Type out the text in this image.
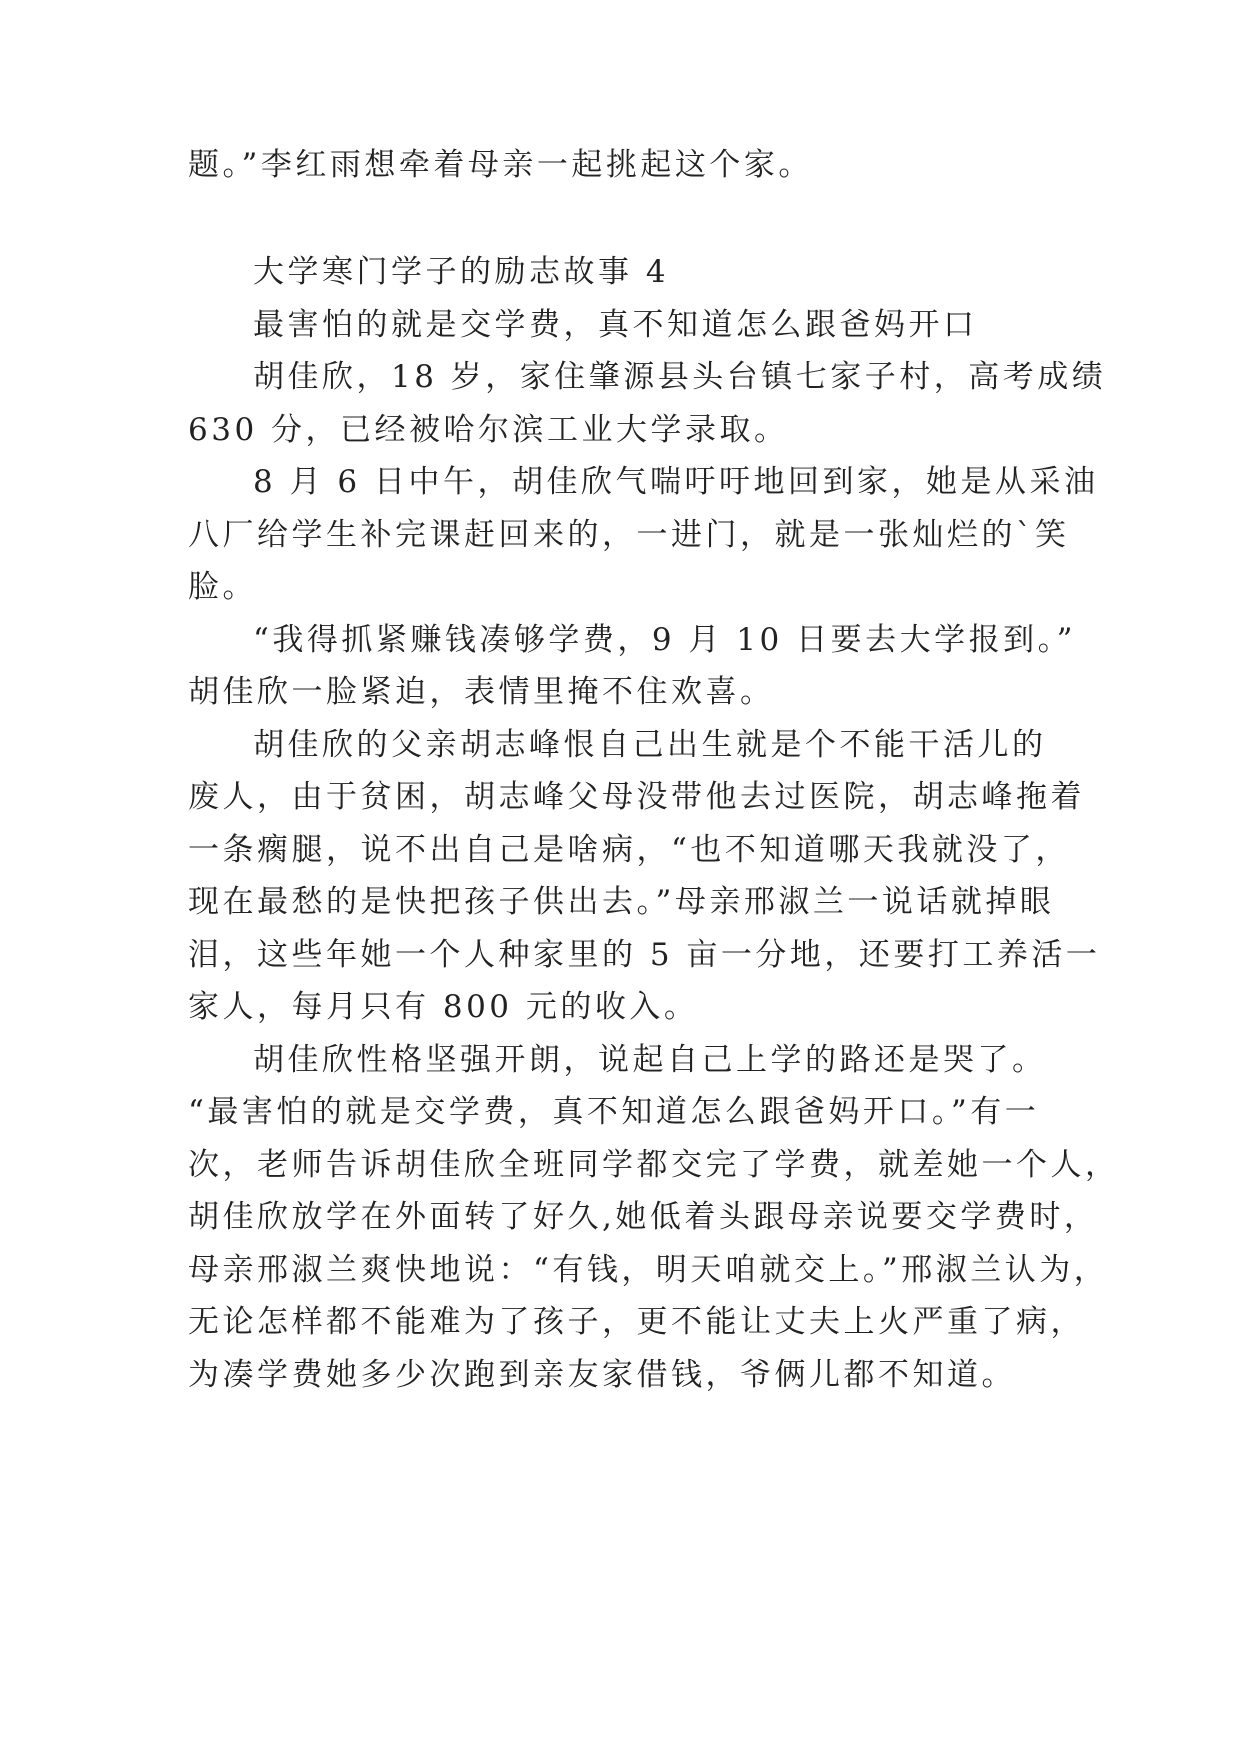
题。”李红雨想牵着母亲一起挑起这个家。
大学寒门学子的励志故事 4
最害怕的就是交学费，真不知道怎么跟爸妈开口
胡佳欣，18 岁，家住肇源县头台镇七家子村，高考成绩
630 分，已经被哈尔滨工业大学录取。
8 月 6 日中午，胡佳欣气喘吁吁地回到家，她是从采油
八厂给学生补完课赶回来的，一进门，就是一张灿烂的`笑
脸。
“我得抓紧赚钱凑够学费，9 月 10 日要去大学报到。”
胡佳欣一脸紧迫，表情里掩不住欢喜。
胡佳欣的父亲胡志峰恨自己出生就是个不能干活儿的
废人，由于贫困，胡志峰父母没带他去过医院，胡志峰拖着
一条瘸腿，说不出自己是啥病，“也不知道哪天我就没了，
现在最愁的是快把孩子供出去。”母亲邢淑兰一说话就掉眼
泪，这些年她一个人种家里的 5 亩一分地，还要打工养活一
家人，每月只有 800 元的收入。
胡佳欣性格坚强开朗，说起自己上学的路还是哭了。
“最害怕的就是交学费，真不知道怎么跟爸妈开口。”有一
次，老师告诉胡佳欣全班同学都交完了学费，就差她一个人，
胡佳欣放学在外面转了好久,她低着头跟母亲说要交学费时，
母亲邢淑兰爽快地说：“有钱，明天咱就交上。”邢淑兰认为，
无论怎样都不能难为了孩子，更不能让丈夫上火严重了病，
为凑学费她多少次跑到亲友家借钱，爷俩儿都不知道。
